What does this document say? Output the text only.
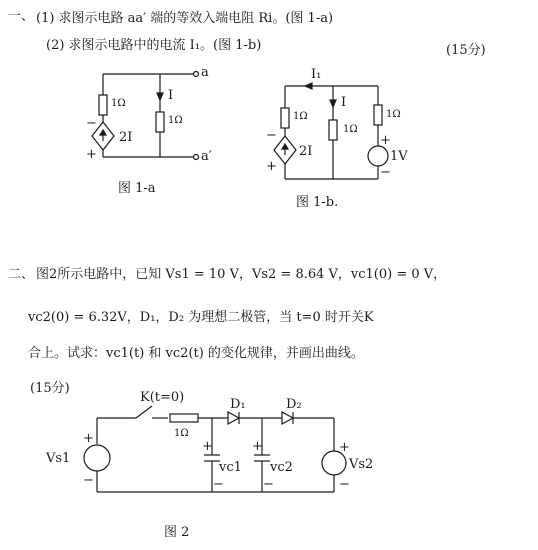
一、 (1) 求图示电路 aa′ 端的等效入端电阻 Ri。(图 1-a)
(2) 求图示电路中的电流 I₁。(图 1-b)	(15分)
a
a′
I
1Ω
1Ω
2I
−
+
图 1-a
I₁
I
1Ω
1Ω
1Ω
2I	1V
−
+
+
−
图 1-b.
二、 图2所示电路中，已知 Vs1 = 10 V，Vs2 = 8.64 V，vc1(0) = 0 V，
vc2(0) = 6.32V，D₁，D₂ 为理想二极管，当 t=0 时开关K
合上。试求：vc1(t) 和 vc2(t) 的变化规律，并画出曲线。
(15分)
K(t=0)
1Ω
D₁	D₂
Vs1
+
−
vc1
+
−
vc2
+
−
Vs2
+
−
图 2
